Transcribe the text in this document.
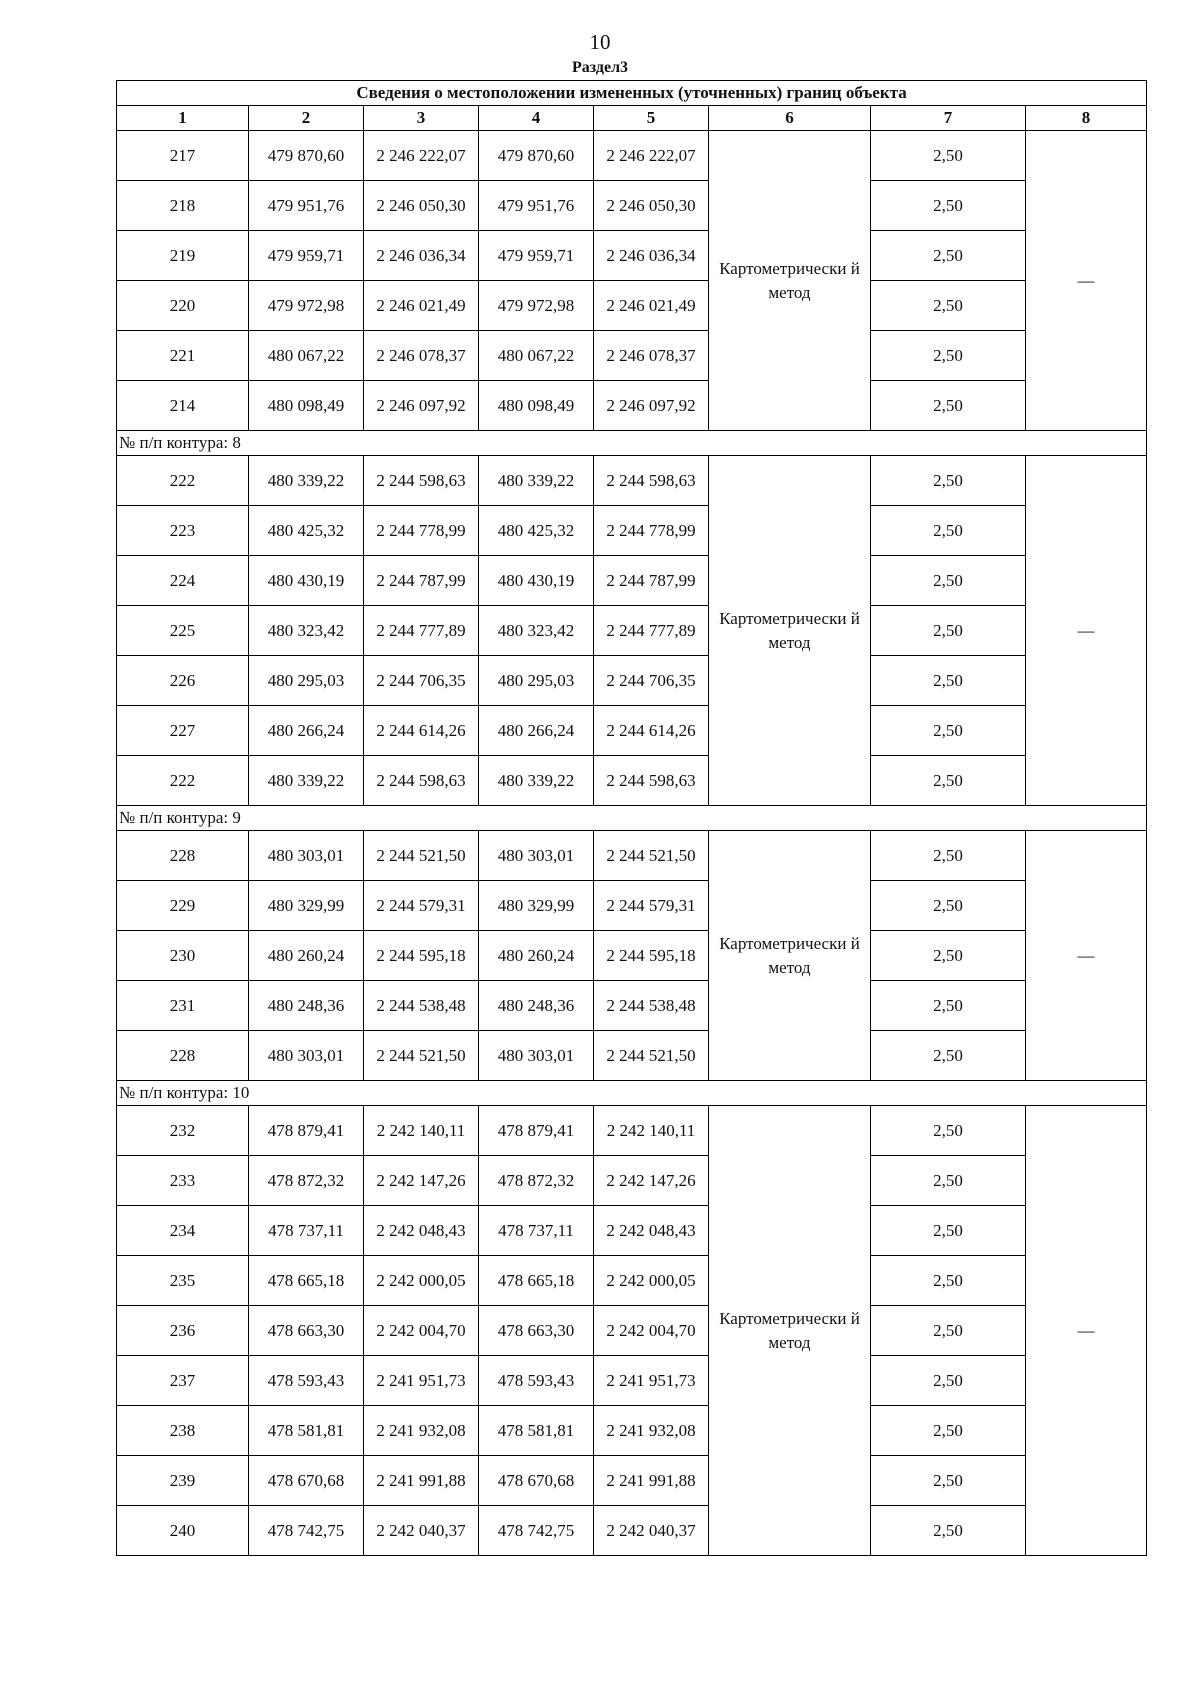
10
Раздел3
Сведения о местоположении измененных (уточненных) границ объекта							
1	2	3	4	5	6	7	8
217	479 870,60	2 246 222,07	479 870,60	2 246 222,07	Картометрически й метод	2,50	—
218	479 951,76	2 246 050,30	479 951,76	2 246 050,30		2,50	
219	479 959,71	2 246 036,34	479 959,71	2 246 036,34		2,50	
220	479 972,98	2 246 021,49	479 972,98	2 246 021,49		2,50	
221	480 067,22	2 246 078,37	480 067,22	2 246 078,37		2,50	
214	480 098,49	2 246 097,92	480 098,49	2 246 097,92		2,50	
№ п/п контура: 8							
222	480 339,22	2 244 598,63	480 339,22	2 244 598,63	Картометрически й метод	2,50	—
223	480 425,32	2 244 778,99	480 425,32	2 244 778,99		2,50	
224	480 430,19	2 244 787,99	480 430,19	2 244 787,99		2,50	
225	480 323,42	2 244 777,89	480 323,42	2 244 777,89		2,50	
226	480 295,03	2 244 706,35	480 295,03	2 244 706,35		2,50	
227	480 266,24	2 244 614,26	480 266,24	2 244 614,26		2,50	
222	480 339,22	2 244 598,63	480 339,22	2 244 598,63		2,50	
№ п/п контура: 9							
228	480 303,01	2 244 521,50	480 303,01	2 244 521,50	Картометрически й метод	2,50	—
229	480 329,99	2 244 579,31	480 329,99	2 244 579,31		2,50	
230	480 260,24	2 244 595,18	480 260,24	2 244 595,18		2,50	
231	480 248,36	2 244 538,48	480 248,36	2 244 538,48		2,50	
228	480 303,01	2 244 521,50	480 303,01	2 244 521,50		2,50	
№ п/п контура: 10							
232	478 879,41	2 242 140,11	478 879,41	2 242 140,11	Картометрически й метод	2,50	—
233	478 872,32	2 242 147,26	478 872,32	2 242 147,26		2,50	
234	478 737,11	2 242 048,43	478 737,11	2 242 048,43		2,50	
235	478 665,18	2 242 000,05	478 665,18	2 242 000,05		2,50	
236	478 663,30	2 242 004,70	478 663,30	2 242 004,70		2,50	
237	478 593,43	2 241 951,73	478 593,43	2 241 951,73		2,50	
238	478 581,81	2 241 932,08	478 581,81	2 241 932,08		2,50	
239	478 670,68	2 241 991,88	478 670,68	2 241 991,88		2,50	
240	478 742,75	2 242 040,37	478 742,75	2 242 040,37		2,50	
